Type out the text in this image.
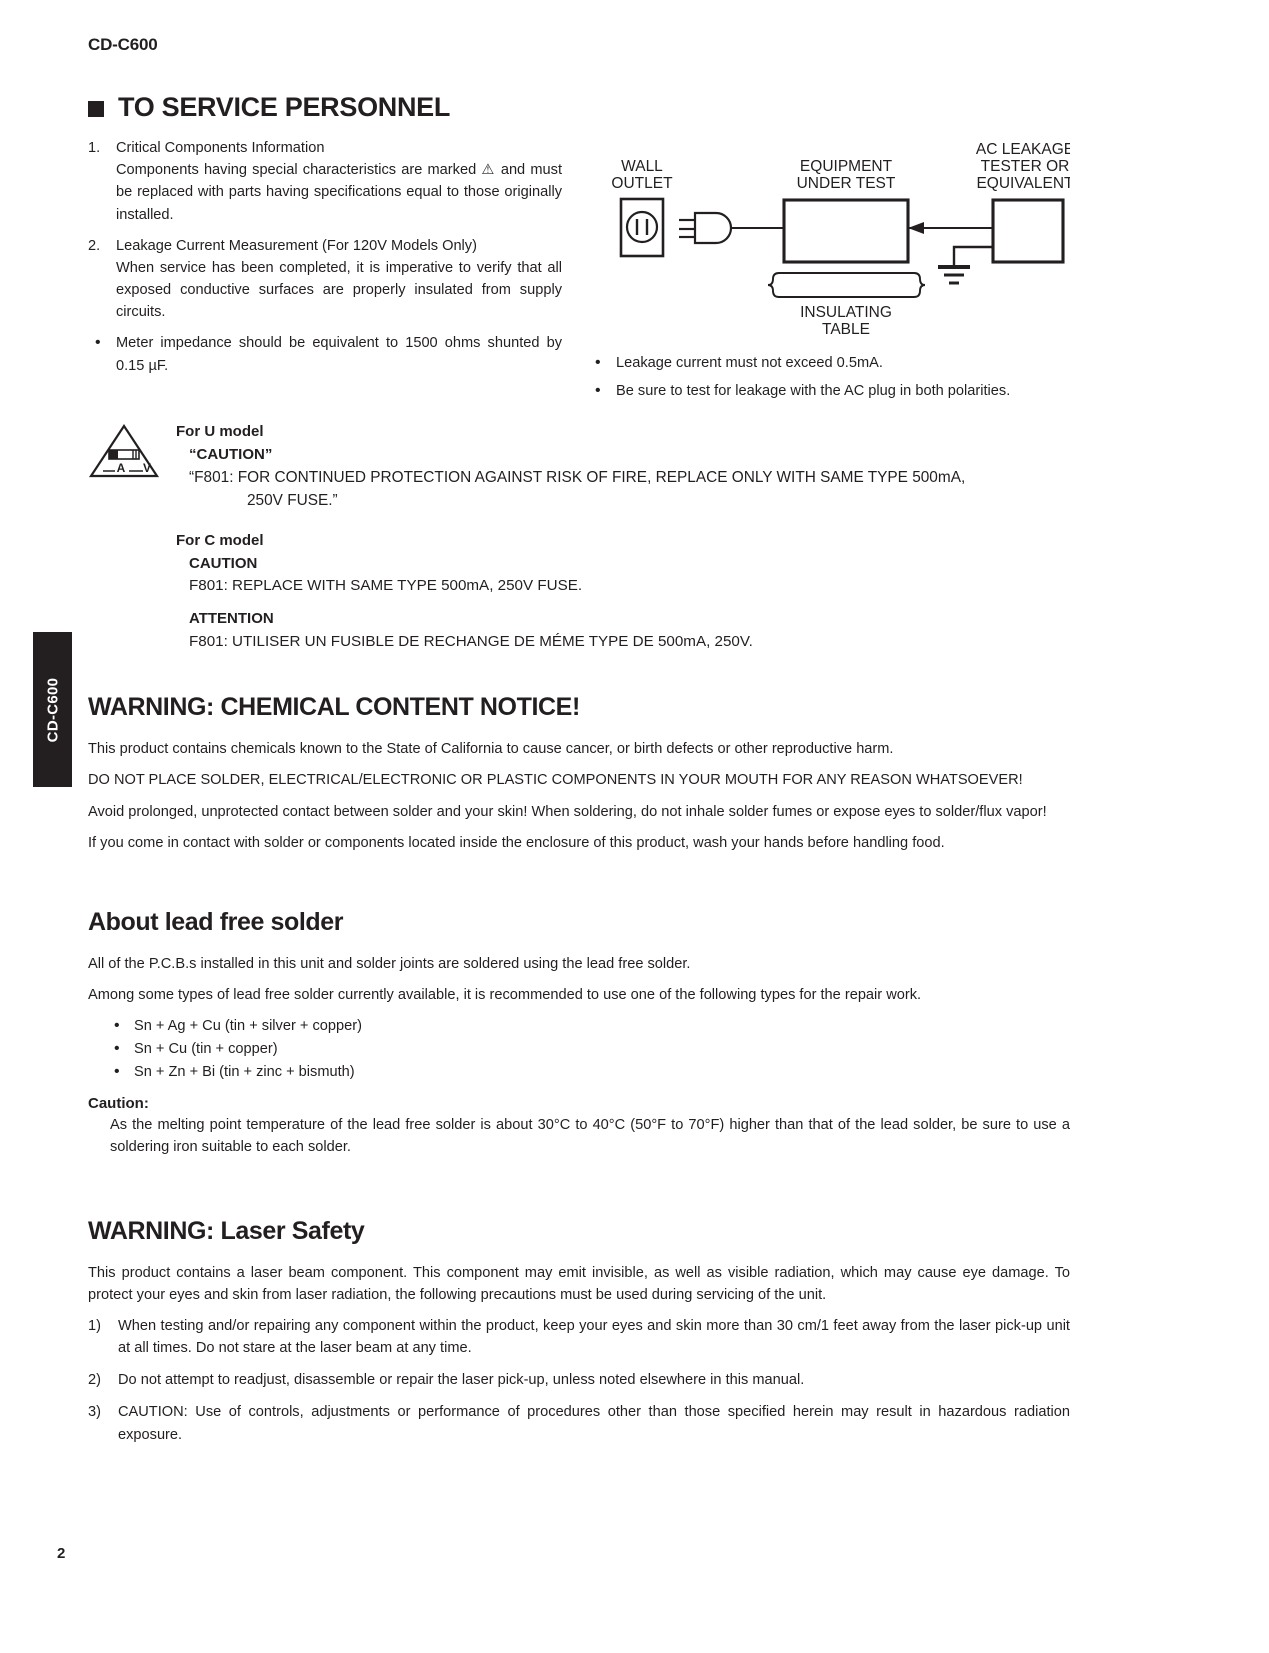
CD-C600
CD-C600
2
TO SERVICE PERSONNEL
1.	Critical Components Information
Components having special characteristics are marked ⚠ and must be replaced with parts having specifications equal to those originally installed.
2.	Leakage Current Measurement (For 120V Models Only)
When service has been completed, it is imperative to verify that all exposed conductive surfaces are properly insulated from supply circuits.
• Meter impedance should be equivalent to 1500 ohms shunted by 0.15 µF.
WALL
OUTLET
EQUIPMENT
UNDER TEST
AC LEAKAGE
TESTER OR
EQUIVALENT
INSULATING
TABLE
• Leakage current must not exceed 0.5mA.
• Be sure to test for leakage with the AC plug in both polarities.
A V

For U model

“CAUTION”

“F801: FOR CONTINUED PROTECTION AGAINST RISK OF FIRE, REPLACE ONLY WITH SAME TYPE 500mA,
250V FUSE.”

For C model

CAUTION

F801: REPLACE WITH SAME TYPE 500mA, 250V FUSE.

ATTENTION

F801: UTILISER UN FUSIBLE DE RECHANGE DE MÉME TYPE DE 500mA, 250V.

WARNING: CHEMICAL CONTENT NOTICE!

This product contains chemicals known to the State of California to cause cancer, or birth defects or other reproductive harm.

DO NOT PLACE SOLDER, ELECTRICAL/ELECTRONIC OR PLASTIC COMPONENTS IN YOUR MOUTH FOR ANY REASON WHATSOEVER!

Avoid prolonged, unprotected contact between solder and your skin! When soldering, do not inhale solder fumes or expose eyes to solder/flux vapor!

If you come in contact with solder or components located inside the enclosure of this product, wash your hands before handling food.

About lead free solder

All of the P.C.B.s installed in this unit and solder joints are soldered using the lead free solder.

Among some types of lead free solder currently available, it is recommended to use one of the following types for the repair work.

• Sn + Ag + Cu (tin + silver + copper)
• Sn + Cu (tin + copper)
• Sn + Zn + Bi (tin + zinc + bismuth)

Caution:

As the melting point temperature of the lead free solder is about 30°C to 40°C (50°F to 70°F) higher than that of the lead solder, be sure to use a soldering iron suitable to each solder.

WARNING: Laser Safety

This product contains a laser beam component. This component may emit invisible, as well as visible radiation, which may cause eye damage. To protect your eyes and skin from laser radiation, the following precautions must be used during servicing of the unit.

1) When testing and/or repairing any component within the product, keep your eyes and skin more than 30 cm/1 feet away from the laser pick-up unit at all times. Do not stare at the laser beam at any time.
2) Do not attempt to readjust, disassemble or repair the laser pick-up, unless noted elsewhere in this manual.
3) CAUTION: Use of controls, adjustments or performance of procedures other than those specified herein may result in hazardous radiation exposure.
